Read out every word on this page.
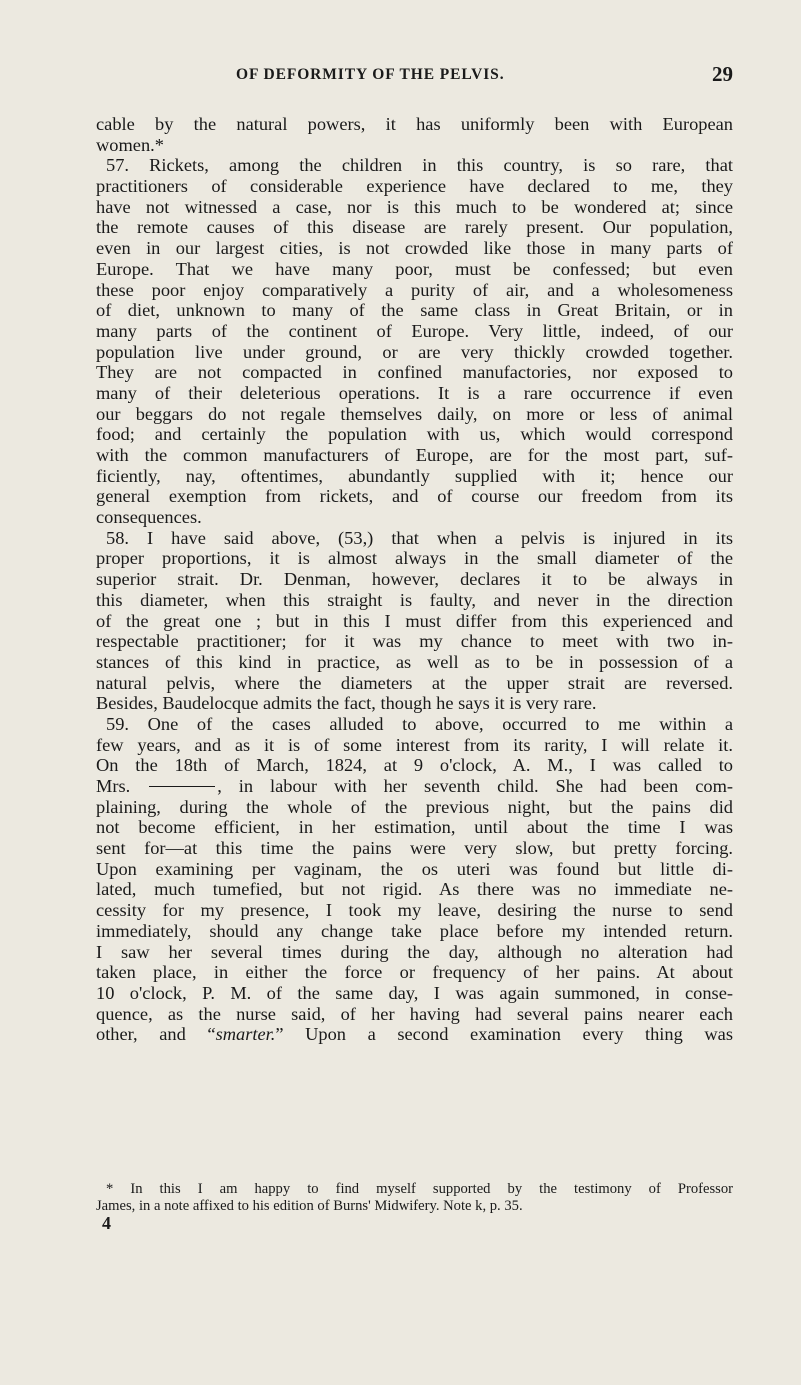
OF DEFORMITY OF THE PELVIS.	29
cable by the natural powers, it has uniformly been with European
women.*
57. Rickets, among the children in this country, is so rare, that
practitioners of considerable experience have declared to me, they
have not witnessed a case, nor is this much to be wondered at; since
the remote causes of this disease are rarely present. Our population,
even in our largest cities, is not crowded like those in many parts of
Europe. That we have many poor, must be confessed; but even
these poor enjoy comparatively a purity of air, and a wholesomeness
of diet, unknown to many of the same class in Great Britain, or in
many parts of the continent of Europe. Very little, indeed, of our
population live under ground, or are very thickly crowded together.
They are not compacted in confined manufactories, nor exposed to
many of their deleterious operations. It is a rare occurrence if even
our beggars do not regale themselves daily, on more or less of animal
food; and certainly the population with us, which would correspond
with the common manufacturers of Europe, are for the most part, suf-
ficiently, nay, oftentimes, abundantly supplied with it; hence our
general exemption from rickets, and of course our freedom from its
consequences.
58. I have said above, (53,) that when a pelvis is injured in its
proper proportions, it is almost always in the small diameter of the
superior strait. Dr. Denman, however, declares it to be always in
this diameter, when this straight is faulty, and never in the direction
of the great one ; but in this I must differ from this experienced and
respectable practitioner; for it was my chance to meet with two in-
stances of this kind in practice, as well as to be in possession of a
natural pelvis, where the diameters at the upper strait are reversed.
Besides, Baudelocque admits the fact, though he says it is very rare.
59. One of the cases alluded to above, occurred to me within a
few years, and as it is of some interest from its rarity, I will relate it.
On the 18th of March, 1824, at 9 o'clock, A. M., I was called to
Mrs.	, in labour with her seventh child. She had been com-
plaining, during the whole of the previous night, but the pains did
not become efficient, in her estimation, until about the time I was
sent for—at this time the pains were very slow, but pretty forcing.
Upon examining per vaginam, the os uteri was found but little di-
lated, much tumefied, but not rigid. As there was no immediate ne-
cessity for my presence, I took my leave, desiring the nurse to send
immediately, should any change take place before my intended return.
I saw her several times during the day, although no alteration had
taken place, in either the force or frequency of her pains. At about
10 o'clock, P. M. of the same day, I was again summoned, in conse-
quence, as the nurse said, of her having had several pains nearer each
other, and “smarter.” Upon a second examination every thing was
* In this I am happy to find myself supported by the testimony of Professor
James, in a note affixed to his edition of Burns' Midwifery. Note k, p. 35.
4
